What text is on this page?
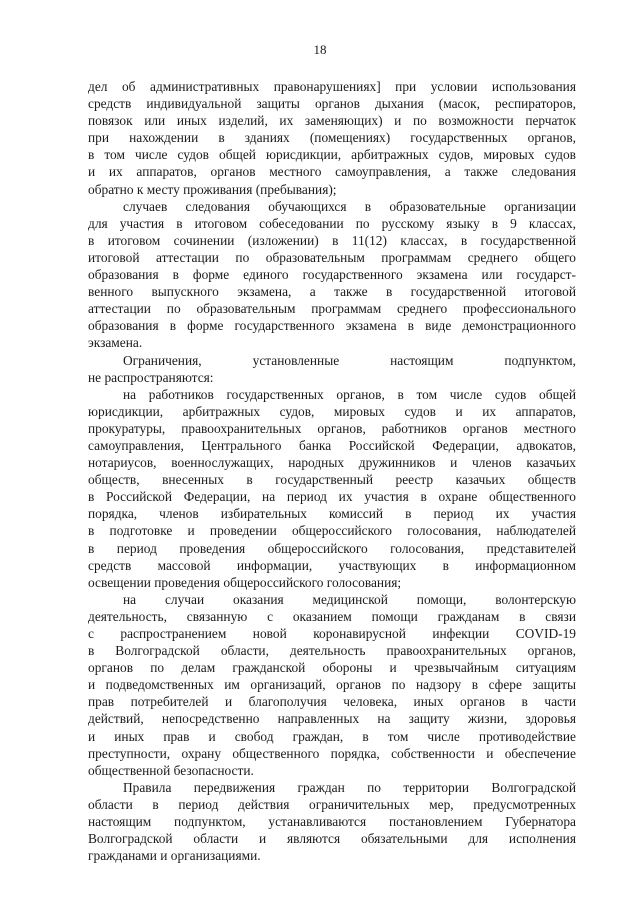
18
дел об административных правонарушениях] при условии использования
средств индивидуальной защиты органов дыхания (масок, респираторов,
повязок или иных изделий, их заменяющих) и по возможности перчаток
при нахождении в зданиях (помещениях) государственных органов,
в том числе судов общей юрисдикции, арбитражных судов, мировых судов
и их аппаратов, органов местного самоуправления, а также следования
обратно к месту проживания (пребывания);
случаев следования обучающихся в образовательные организации
для участия в итоговом собеседовании по русскому языку в 9 классах,
в итоговом сочинении (изложении) в 11(12) классах, в государственной
итоговой аттестации по образовательным программам среднего общего
образования в форме единого государственного экзамена или государст-
венного выпускного экзамена, а также в государственной итоговой
аттестации по образовательным программам среднего профессионального
образования в форме государственного экзамена в виде демонстрационного
экзамена.
Ограничения, установленные настоящим подпунктом,
не распространяются:
на работников государственных органов, в том числе судов общей
юрисдикции, арбитражных судов, мировых судов и их аппаратов,
прокуратуры, правоохранительных органов, работников органов местного
самоуправления, Центрального банка Российской Федерации, адвокатов,
нотариусов, военнослужащих, народных дружинников и членов казачьих
обществ, внесенных в государственный реестр казачьих обществ
в Российской Федерации, на период их участия в охране общественного
порядка, членов избирательных комиссий в период их участия
в подготовке и проведении общероссийского голосования, наблюдателей
в период проведения общероссийского голосования, представителей
средств массовой информации, участвующих в информационном
освещении проведения общероссийского голосования;
на случаи оказания медицинской помощи, волонтерскую
деятельность, связанную с оказанием помощи гражданам в связи
с распространением новой коронавирусной инфекции COVID-19
в Волгоградской области, деятельность правоохранительных органов,
органов по делам гражданской обороны и чрезвычайным ситуациям
и подведомственных им организаций, органов по надзору в сфере защиты
прав потребителей и благополучия человека, иных органов в части
действий, непосредственно направленных на защиту жизни, здоровья
и иных прав и свобод граждан, в том числе противодействие
преступности, охрану общественного порядка, собственности и обеспечение
общественной безопасности.
Правила передвижения граждан по территории Волгоградской
области в период действия ограничительных мер, предусмотренных
настоящим подпунктом, устанавливаются постановлением Губернатора
Волгоградской области и являются обязательными для исполнения
гражданами и организациями.
